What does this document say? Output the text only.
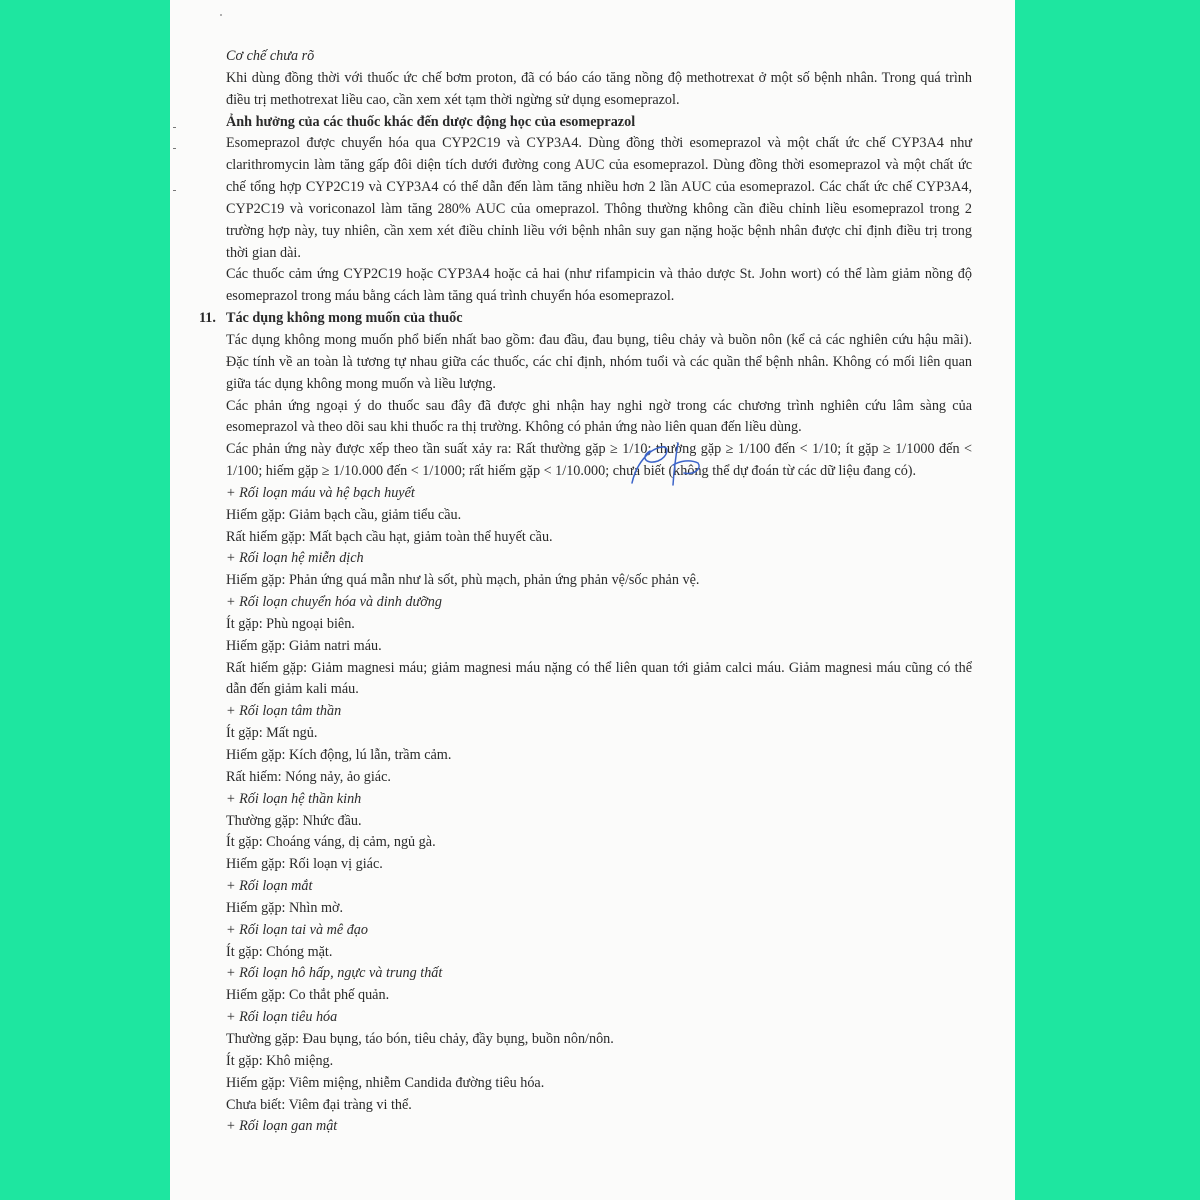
Cơ chế chưa rõ

Khi dùng đồng thời với thuốc ức chế bơm proton, đã có báo cáo tăng nồng độ methotrexat ở một số bệnh nhân. Trong quá trình điều trị methotrexat liều cao, cần xem xét tạm thời ngừng sử dụng esomeprazol.

Ảnh hưởng của các thuốc khác đến dược động học của esomeprazol

Esomeprazol được chuyển hóa qua CYP2C19 và CYP3A4. Dùng đồng thời esomeprazol và một chất ức chế CYP3A4 như clarithromycin làm tăng gấp đôi diện tích dưới đường cong AUC của esomeprazol. Dùng đồng thời esomeprazol và một chất ức chế tổng hợp CYP2C19 và CYP3A4 có thể dẫn đến làm tăng nhiều hơn 2 lần AUC của esomeprazol. Các chất ức chế CYP3A4, CYP2C19 và voriconazol làm tăng 280% AUC của omeprazol. Thông thường không cần điều chỉnh liều esomeprazol trong 2 trường hợp này, tuy nhiên, cần xem xét điều chỉnh liều với bệnh nhân suy gan nặng hoặc bệnh nhân được chỉ định điều trị trong thời gian dài.

Các thuốc cảm ứng CYP2C19 hoặc CYP3A4 hoặc cả hai (như rifampicin và thảo dược St. John wort) có thể làm giảm nồng độ esomeprazol trong máu bằng cách làm tăng quá trình chuyển hóa esomeprazol.

11. Tác dụng không mong muốn của thuốc

Tác dụng không mong muốn phổ biến nhất bao gồm: đau đầu, đau bụng, tiêu chảy và buồn nôn (kể cả các nghiên cứu hậu mãi). Đặc tính về an toàn là tương tự nhau giữa các thuốc, các chỉ định, nhóm tuổi và các quần thể bệnh nhân. Không có mối liên quan giữa tác dụng không mong muốn và liều lượng.

Các phản ứng ngoại ý do thuốc sau đây đã được ghi nhận hay nghi ngờ trong các chương trình nghiên cứu lâm sàng của esomeprazol và theo dõi sau khi thuốc ra thị trường. Không có phản ứng nào liên quan đến liều dùng.

Các phản ứng này được xếp theo tần suất xảy ra: Rất thường gặp ≥ 1/10; thường gặp ≥ 1/100 đến < 1/10; ít gặp ≥ 1/1000 đến < 1/100; hiếm gặp ≥ 1/10.000 đến < 1/1000; rất hiếm gặp < 1/10.000; chưa biết (không thể dự đoán từ các dữ liệu đang có).

+ Rối loạn máu và hệ bạch huyết

Hiếm gặp: Giảm bạch cầu, giảm tiểu cầu.

Rất hiếm gặp: Mất bạch cầu hạt, giảm toàn thể huyết cầu.

+ Rối loạn hệ miễn dịch

Hiếm gặp: Phản ứng quá mẫn như là sốt, phù mạch, phản ứng phản vệ/sốc phản vệ.

+ Rối loạn chuyển hóa và dinh dưỡng

Ít gặp: Phù ngoại biên.

Hiếm gặp: Giảm natri máu.

Rất hiếm gặp: Giảm magnesi máu; giảm magnesi máu nặng có thể liên quan tới giảm calci máu. Giảm magnesi máu cũng có thể dẫn đến giảm kali máu.

+ Rối loạn tâm thần

Ít gặp: Mất ngủ.

Hiếm gặp: Kích động, lú lẫn, trầm cảm.

Rất hiếm: Nóng nảy, ảo giác.

+ Rối loạn hệ thần kinh

Thường gặp: Nhức đầu.

Ít gặp: Choáng váng, dị cảm, ngủ gà.

Hiếm gặp: Rối loạn vị giác.

+ Rối loạn mắt

Hiếm gặp: Nhìn mờ.

+ Rối loạn tai và mê đạo

Ít gặp: Chóng mặt.

+ Rối loạn hô hấp, ngực và trung thất

Hiếm gặp: Co thắt phế quản.

+ Rối loạn tiêu hóa

Thường gặp: Đau bụng, táo bón, tiêu chảy, đầy bụng, buồn nôn/nôn.

Ít gặp: Khô miệng.

Hiếm gặp: Viêm miệng, nhiễm Candida đường tiêu hóa.

Chưa biết: Viêm đại tràng vi thể.

+ Rối loạn gan mật
